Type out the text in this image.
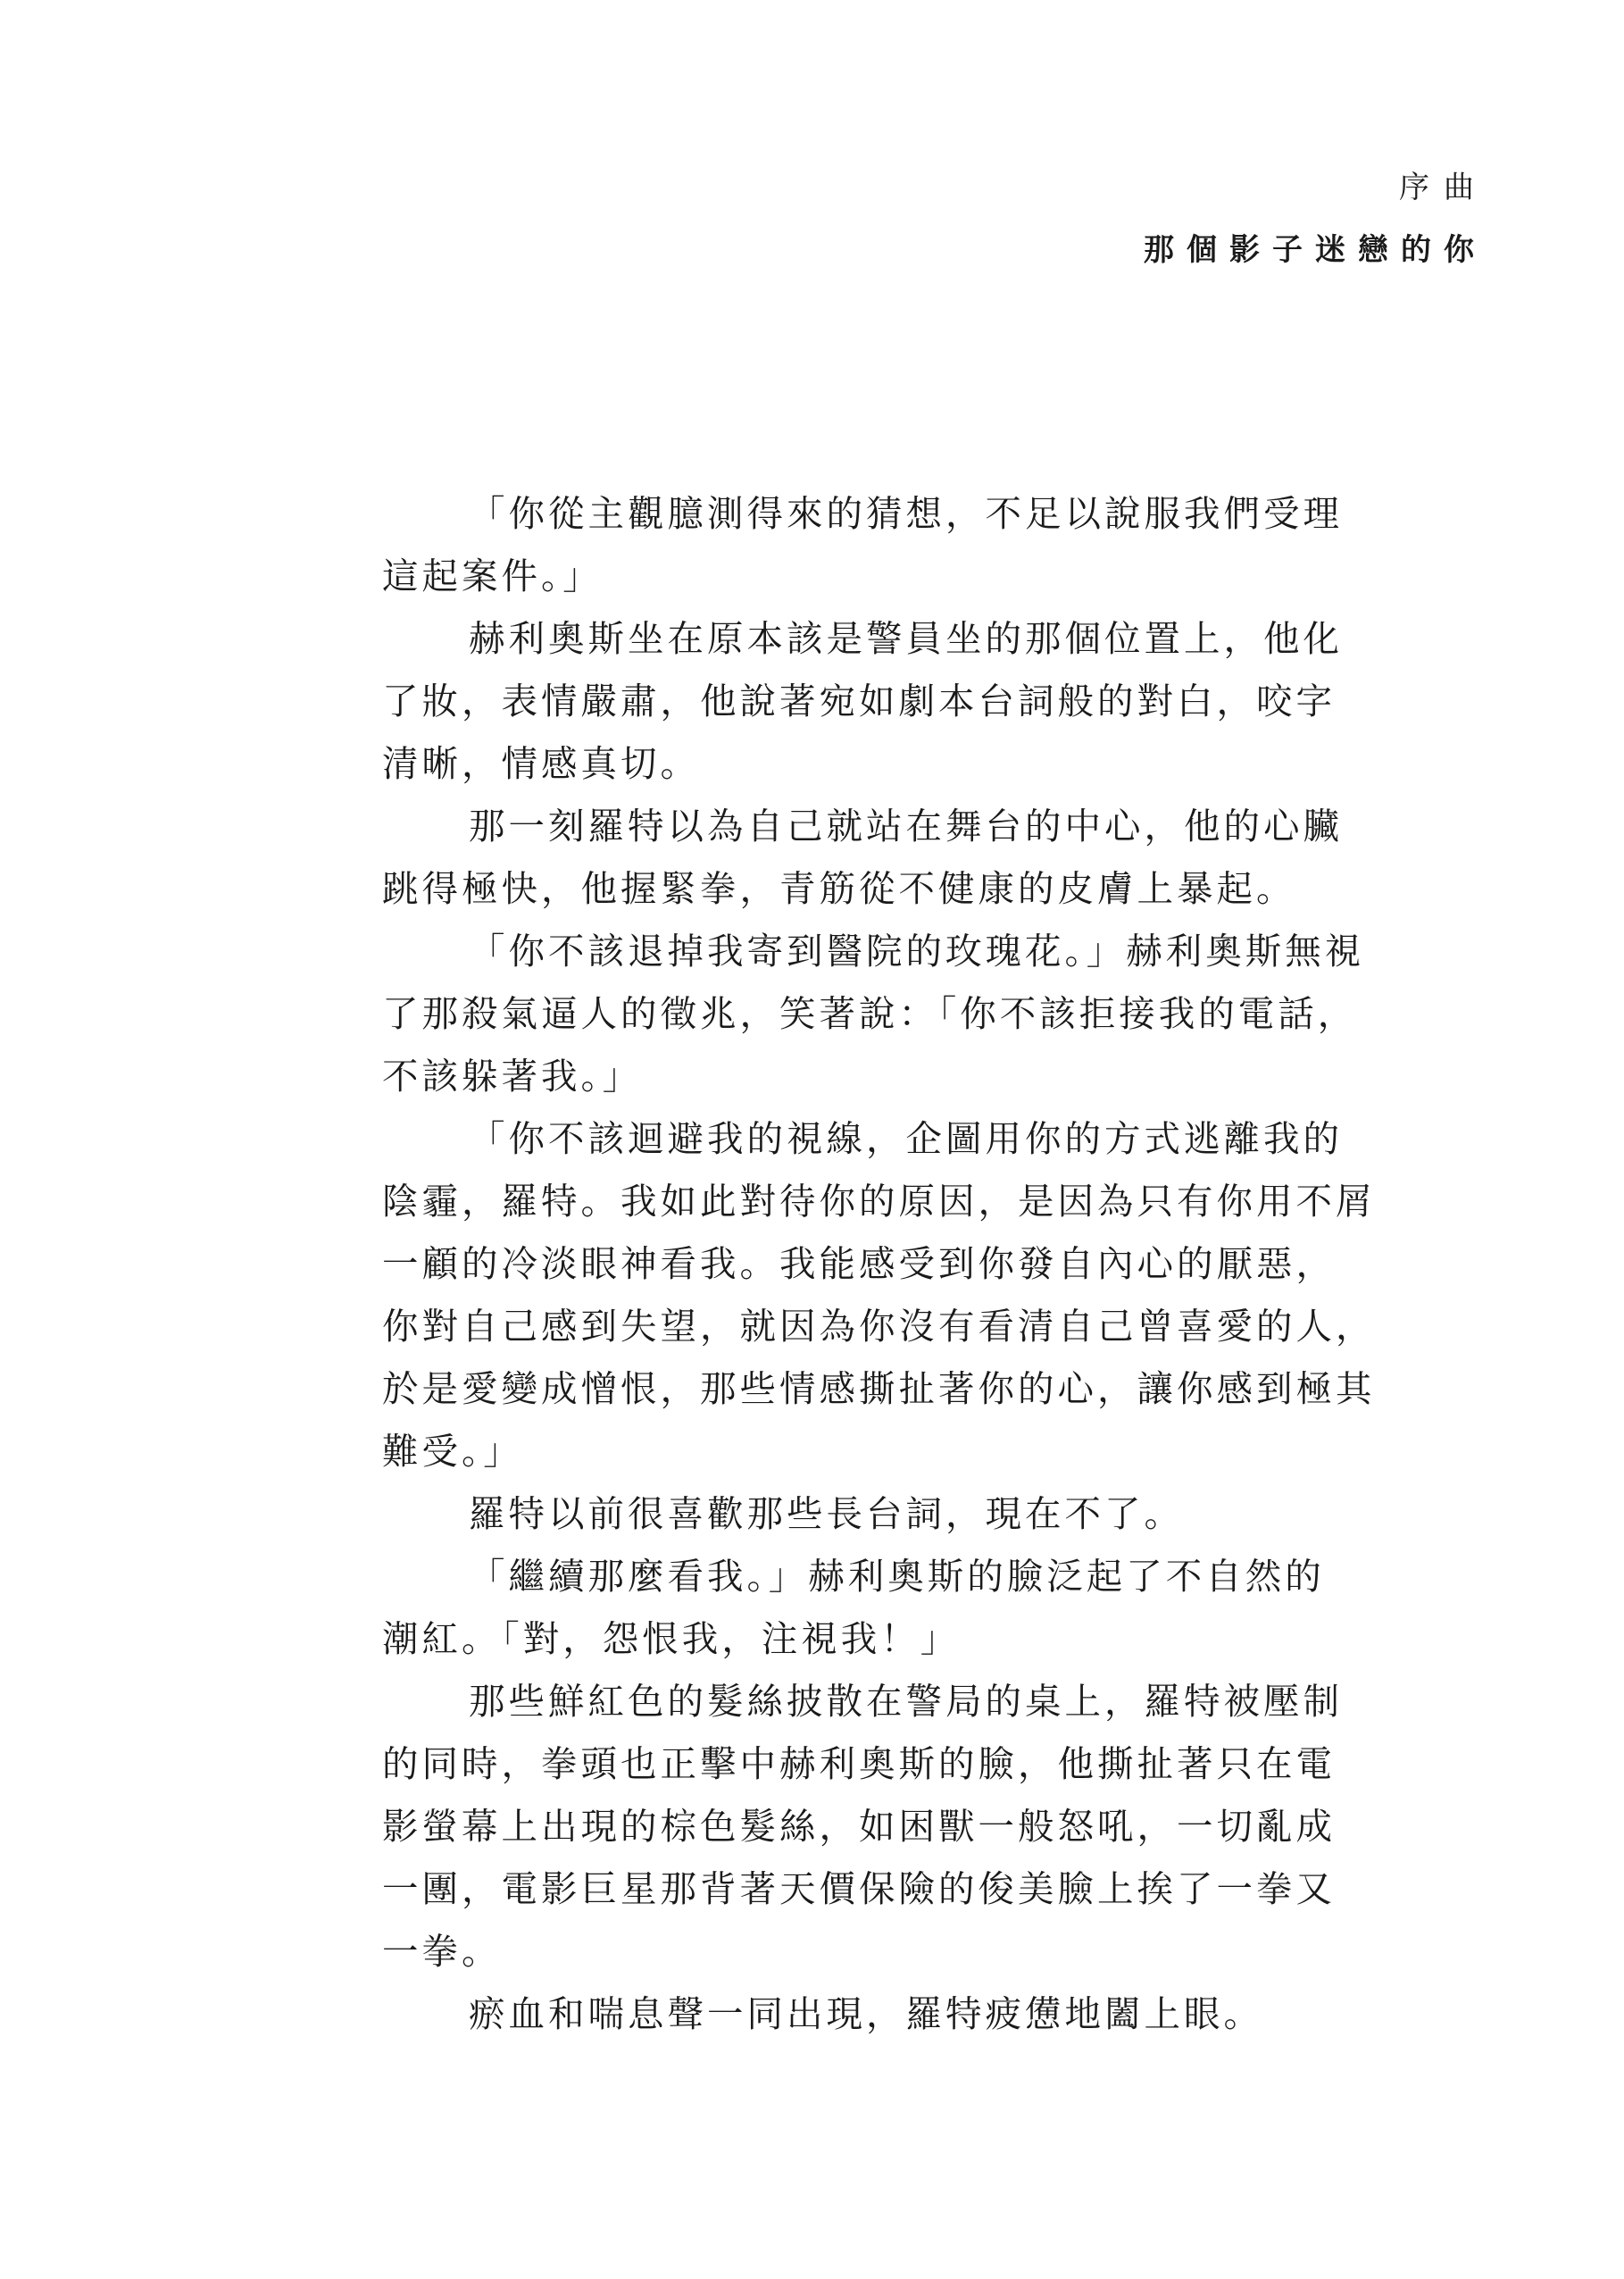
序曲
那個影子迷戀的你
「你從主觀臆測得來的猜想，不足以說服我們受理
這起案件。」
赫利奧斯坐在原本該是警員坐的那個位置上，他化
了妝，表情嚴肅，他說著宛如劇本台詞般的對白，咬字
清晰，情感真切。
那一刻羅特以為自己就站在舞台的中心，他的心臟
跳得極快，他握緊拳，青筋從不健康的皮膚上暴起。
「你不該退掉我寄到醫院的玫瑰花。」赫利奧斯無視
了那殺氣逼人的徵兆，笑著說：「你不該拒接我的電話，
不該躲著我。」
「你不該迴避我的視線，企圖用你的方式逃離我的
陰霾，羅特。我如此對待你的原因，是因為只有你用不屑
一顧的冷淡眼神看我。我能感受到你發自內心的厭惡，
你對自己感到失望，就因為你沒有看清自己曾喜愛的人，
於是愛變成憎恨，那些情感撕扯著你的心，讓你感到極其
難受。」
羅特以前很喜歡那些長台詞，現在不了。
「繼續那麼看我。」赫利奧斯的臉泛起了不自然的
潮紅。「對，怨恨我，注視我！」
那些鮮紅色的髮絲披散在警局的桌上，羅特被壓制
的同時，拳頭也正擊中赫利奧斯的臉，他撕扯著只在電
影螢幕上出現的棕色髮絲，如困獸一般怒吼，一切亂成
一團，電影巨星那背著天價保險的俊美臉上挨了一拳又
一拳。
瘀血和喘息聲一同出現，羅特疲憊地闔上眼。
